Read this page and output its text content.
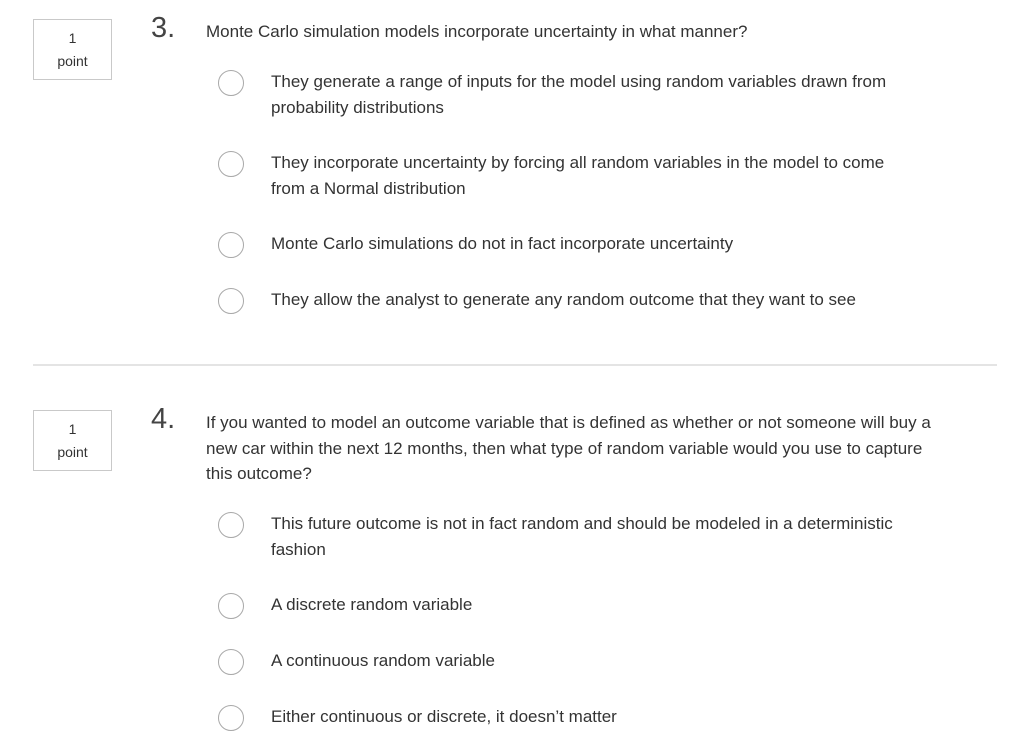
1
point
3. Monte Carlo simulation models incorporate uncertainty in what manner?
They generate a range of inputs for the model using random variables drawn from probability distributions
They incorporate uncertainty by forcing all random variables in the model to come from a Normal distribution
Monte Carlo simulations do not in fact incorporate uncertainty
They allow the analyst to generate any random outcome that they want to see
1
point
4. If you wanted to model an outcome variable that is defined as whether or not someone will buy a new car within the next 12 months, then what type of random variable would you use to capture this outcome?
This future outcome is not in fact random and should be modeled in a deterministic fashion
A discrete random variable
A continuous random variable
Either continuous or discrete, it doesn’t matter
